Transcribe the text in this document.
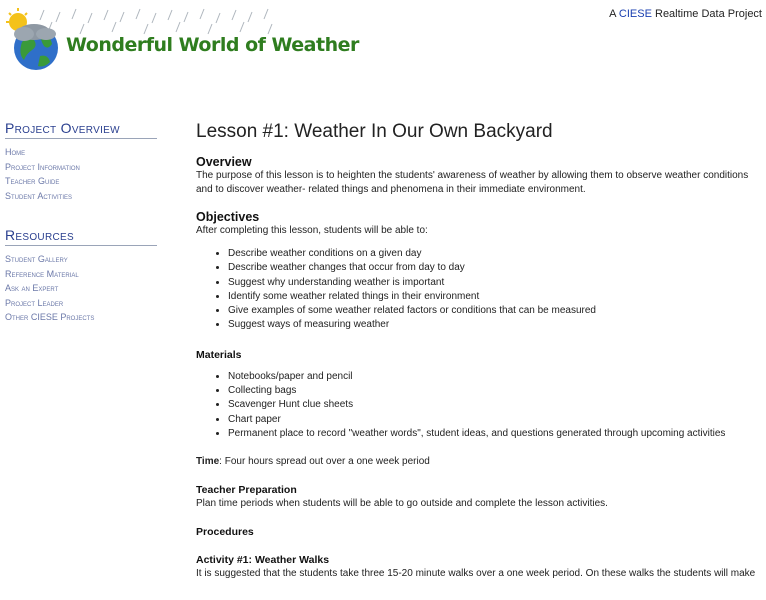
Wonderful World of Weather
A CIESE Realtime Data Project
Project Overview
Home
Project Information
Teacher Guide
Student Activities
Resources
Student Gallery
Reference Material
Ask an Expert
Project Leader
Other CIESE Projects
Lesson #1: Weather In Our Own Backyard
Overview

The purpose of this lesson is to heighten the students' awareness of weather by allowing them to observe weather conditions and to discover weather- related things and phenomena in their immediate environment.

Objectives

After completing this lesson, students will be able to:

• Describe weather conditions on a given day
• Describe weather changes that occur from day to day
• Suggest why understanding weather is important
• Identify some weather related things in their environment
• Give examples of some weather related factors or conditions that can be measured
• Suggest ways of measuring weather

Materials

• Notebooks/paper and pencil
• Collecting bags
• Scavenger Hunt clue sheets
• Chart paper
• Permanent place to record "weather words", student ideas, and questions generated through upcoming activities

Time: Four hours spread out over a one week period

Teacher Preparation

Plan time periods when students will be able to go outside and complete the lesson activities.

Procedures

Activity #1: Weather Walks

It is suggested that the students take three 15-20 minute walks over a one week period. On these walks the students will make
